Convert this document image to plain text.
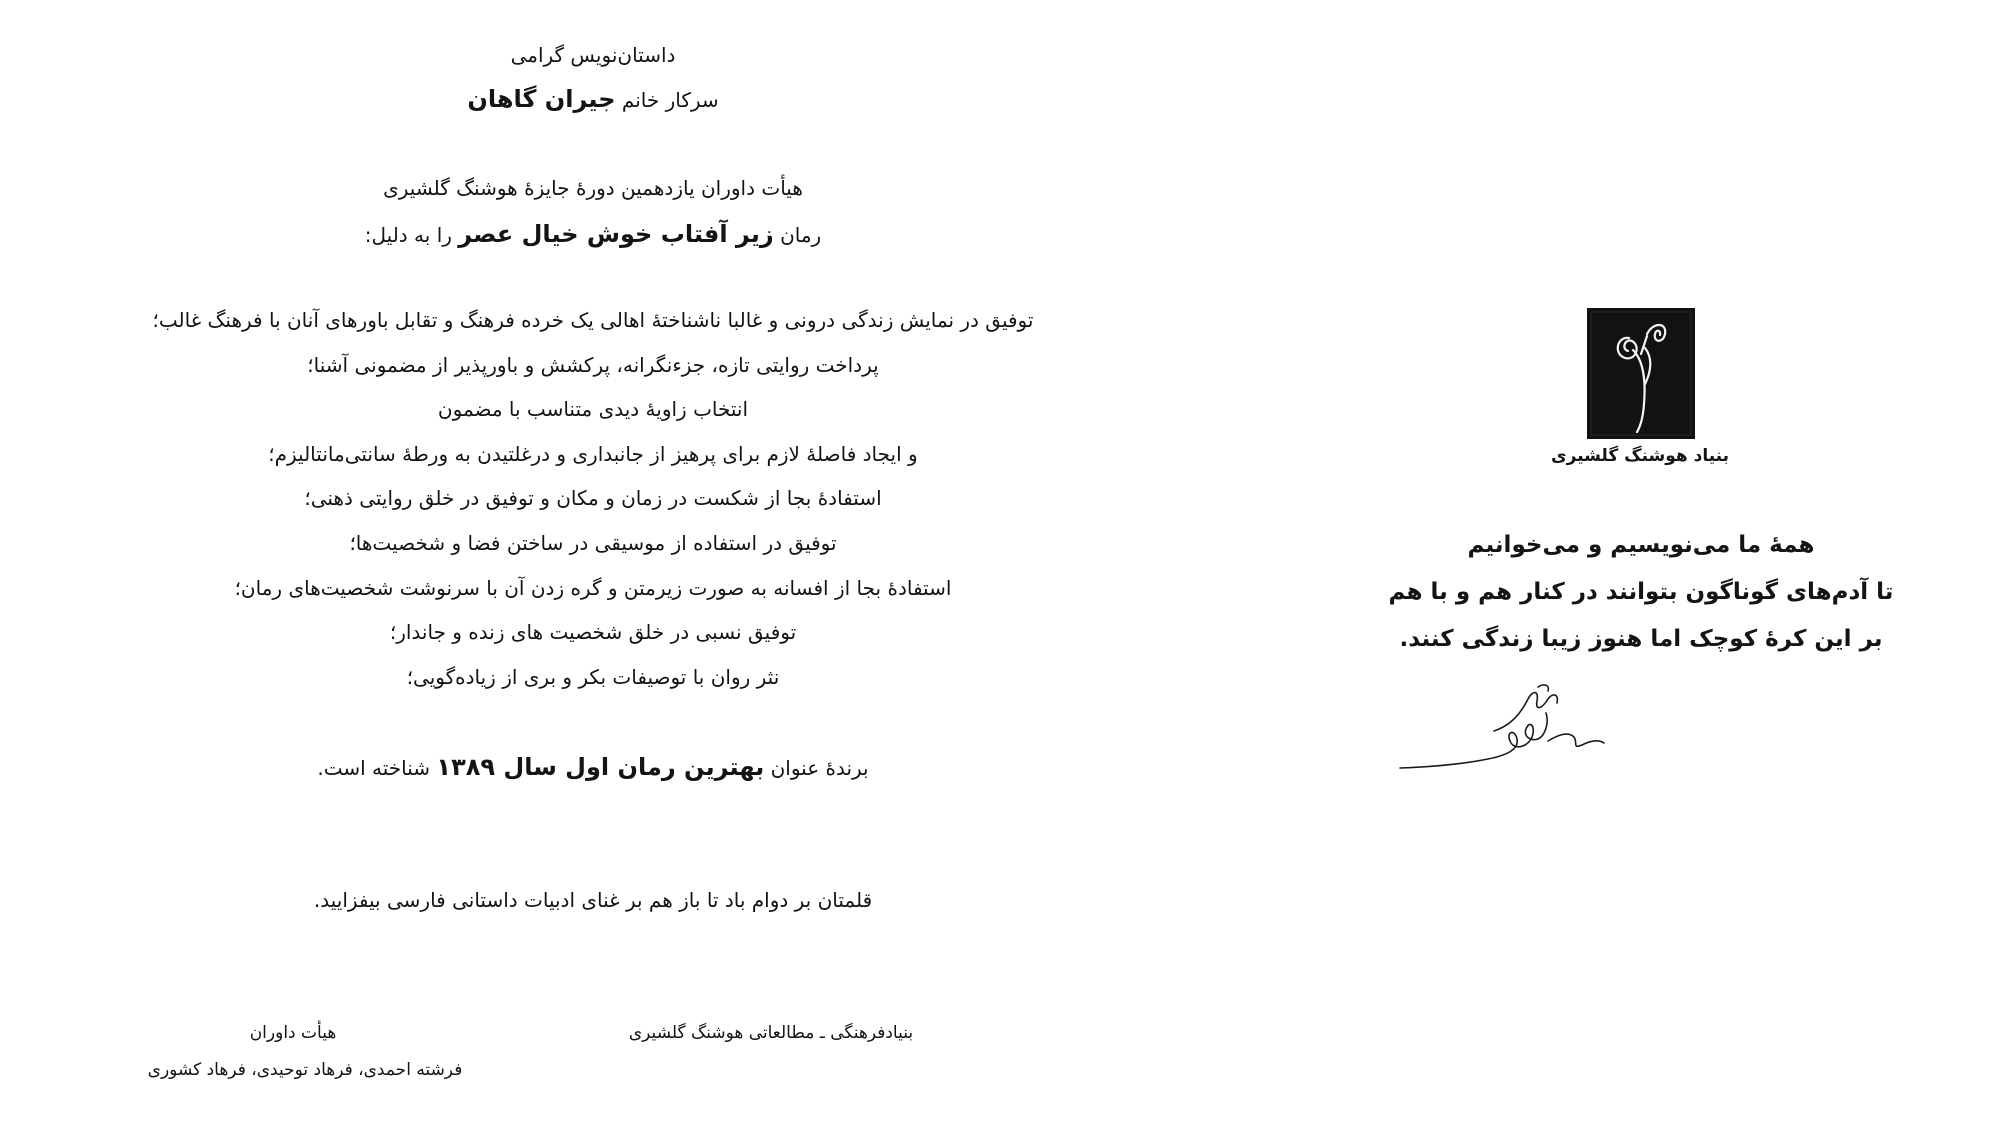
داستان‌نویس گرامی
سرکار خانم جیران گاهان
هیأت داوران یازدهمین دورهٔ جایزهٔ هوشنگ گلشیری
رمان زیر آفتاب خوش خیال عصر را به دلیل:
توفیق در نمایش زندگی درونی و غالبا ناشناختهٔ اهالی یک خرده فرهنگ و تقابل باورهای آنان با فرهنگ غالب؛
پرداخت روایتی تازه، جزءنگرانه، پرکشش و باورپذیر از مضمونی آشنا؛
انتخاب زاویهٔ دیدی متناسب با مضمون
و ایجاد فاصلهٔ لازم برای پرهیز از جانبداری و درغلتیدن به ورطهٔ سانتی‌مانتالیزم؛
استفادهٔ بجا از شکست در زمان و مکان و توفیق در خلق روایتی ذهنی؛
توفیق در استفاده از موسیقی در ساختن فضا و شخصیت‌ها؛
استفادهٔ بجا از افسانه به صورت زیرمتن و گره زدن آن با سرنوشت شخصیت‌های رمان؛
توفیق نسبی در خلق شخصیت های زنده و جاندار؛
نثر روان با توصیفات بکر و بری از زیاده‌گویی؛
برندهٔ عنوان بهترین رمان اول سال ۱۳۸۹ شناخته است.
قلمتان بر دوام باد تا باز هم بر غنای ادبیات داستانی فارسی بیفزایید.
بنیادفرهنگی ـ مطالعاتی هوشنگ گلشیری
هیأت داوران
فرشته احمدی، فرهاد توحیدی، فرهاد کشوری
بنیاد هوشنگ گلشیری
همهٔ ما می‌نویسیم و می‌خوانیم
تا آدم‌های گوناگون بتوانند در کنار هم و با هم
بر این کرهٔ کوچک اما هنوز زیبا زندگی کنند.
